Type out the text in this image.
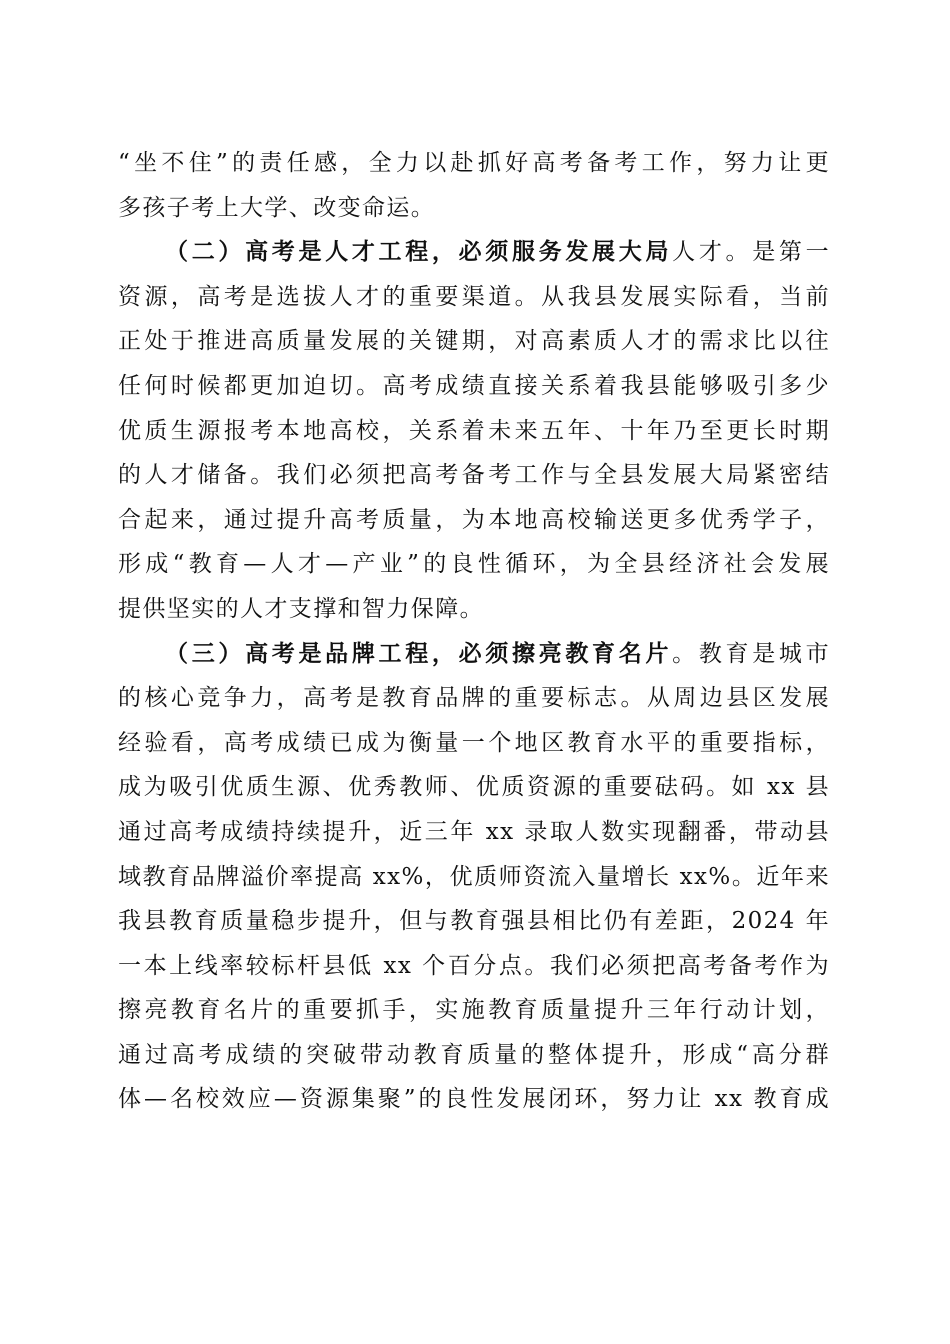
“坐不住”的责任感，全力以赴抓好高考备考工作，努力让更
多孩子考上大学、改变命运。
（二）高考是人才工程，必须服务发展大局人才。是第一
资源，高考是选拔人才的重要渠道。从我县发展实际看，当前
正处于推进高质量发展的关键期，对高素质人才的需求比以往
任何时候都更加迫切。高考成绩直接关系着我县能够吸引多少
优质生源报考本地高校，关系着未来五年、十年乃至更长时期
的人才储备。我们必须把高考备考工作与全县发展大局紧密结
合起来，通过提升高考质量，为本地高校输送更多优秀学子，
形成“教育—人才—产业”的良性循环，为全县经济社会发展
提供坚实的人才支撑和智力保障。
（三）高考是品牌工程，必须擦亮教育名片。教育是城市
的核心竞争力，高考是教育品牌的重要标志。从周边县区发展
经验看，高考成绩已成为衡量一个地区教育水平的重要指标，
成为吸引优质生源、优秀教师、优质资源的重要砝码。如 xx 县
通过高考成绩持续提升，近三年 xx 录取人数实现翻番，带动县
域教育品牌溢价率提高 xx%，优质师资流入量增长 xx%。近年来
我县教育质量稳步提升，但与教育强县相比仍有差距，2024 年
一本上线率较标杆县低 xx 个百分点。我们必须把高考备考作为
擦亮教育名片的重要抓手，实施教育质量提升三年行动计划，
通过高考成绩的突破带动教育质量的整体提升，形成“高分群
体—名校效应—资源集聚”的良性发展闭环，努力让 xx 教育成
